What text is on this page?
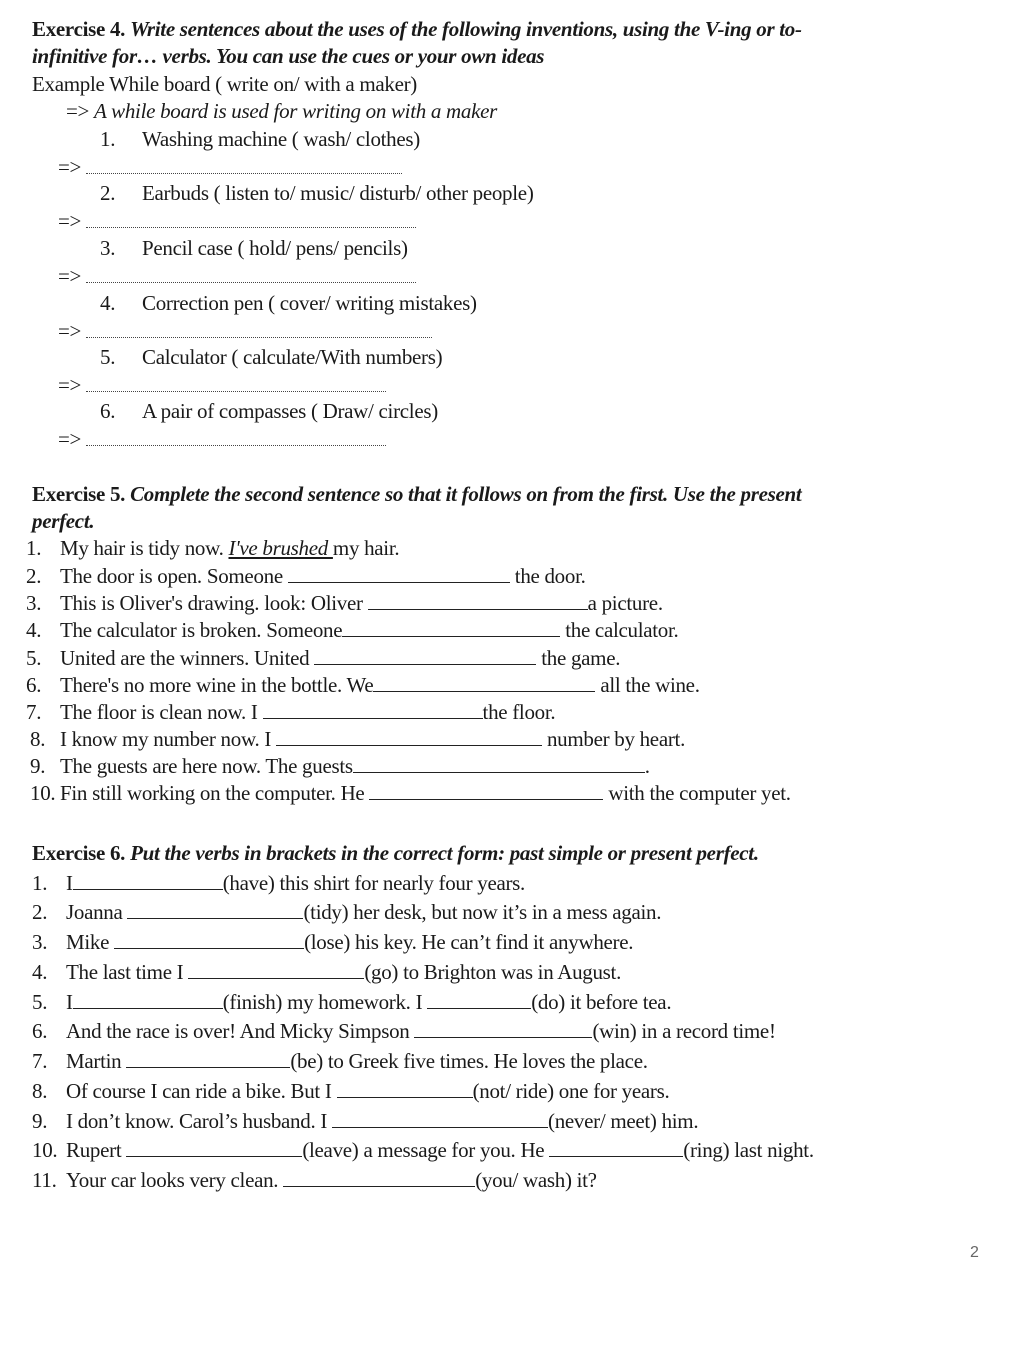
Exercise 4. Write sentences about the uses of the following inventions, using the V-ing or to-
infinitive for… verbs. You can use the cues or your own ideas
Example While board ( write on/ with a maker)
=> A while board is used for writing on with a maker
1. Washing machine ( wash/ clothes)
=>
2. Earbuds ( listen to/ music/ disturb/ other people)
=>
3. Pencil case ( hold/ pens/ pencils)
=>
4. Correction pen ( cover/ writing mistakes)
=>
5. Calculator ( calculate/With numbers)
=>
6. A pair of compasses ( Draw/ circles)
=>
Exercise 5. Complete the second sentence so that it follows on from the first. Use the present
perfect.
1. My hair is tidy now. I've brushed my hair.
2. The door is open. Someone	the door.
3. This is Oliver's drawing. look: Oliver	a picture.
4. The calculator is broken. Someone	the calculator.
5. United are the winners. United	the game.
6. There's no more wine in the bottle. We	all the wine.
7. The floor is clean now. I	the floor.
8. I know my number now. I	number by heart.
9. The guests are here now. The guests	.
10. Fin still working on the computer. He	with the computer yet.
Exercise 6. Put the verbs in brackets in the correct form: past simple or present perfect.
1. I	(have) this shirt for nearly four years.
2. Joanna	(tidy) her desk, but now it’s in a mess again.
3. Mike	(lose) his key. He can’t find it anywhere.
4. The last time I	(go) to Brighton was in August.
5. I	(finish) my homework. I	(do) it before tea.
6. And the race is over! And Micky Simpson	(win) in a record time!
7. Martin	(be) to Greek five times. He loves the place.
8. Of course I can ride a bike. But I	(not/ ride) one for years.
9. I don’t know. Carol’s husband. I	(never/ meet) him.
10. Rupert	(leave) a message for you. He	(ring) last night.
11. Your car looks very clean.	(you/ wash) it?
2
